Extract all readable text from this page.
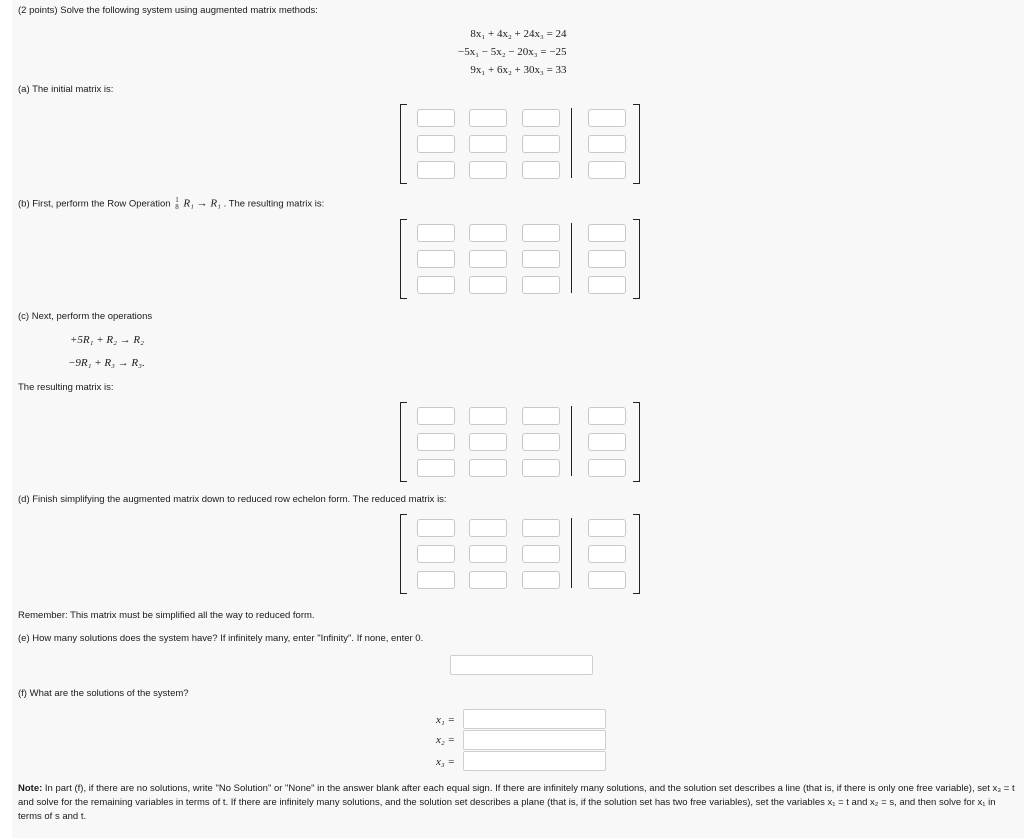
(2 points) Solve the following system using augmented matrix methods:
8x₁ + 4x₂ + 24x₃ = 24
−5x₁ − 5x₂ − 20x₃ = −25
9x₁ + 6x₂ + 30x₃ = 33
(a) The initial matrix is:
(b) First, perform the Row Operation 1
8 R₁ → R₁ . The resulting matrix is:
(c) Next, perform the operations
+5R₁ + R₂ → R₂
−9R₁ + R₃ → R₃.
The resulting matrix is:
(d) Finish simplifying the augmented matrix down to reduced row echelon form. The reduced matrix is:
Remember: This matrix must be simplified all the way to reduced form.
(e) How many solutions does the system have? If infinitely many, enter "Infinity". If none, enter 0.
(f) What are the solutions of the system?
x₁ =
x₂ =
x₃ =
Note: In part (f), if there are no solutions, write "No Solution" or "None" in the answer blank after each equal sign. If there are infinitely many solutions, and the solution set describes a line (that is, if there is only one free variable), set x₃ = t and solve for the remaining variables in terms of t. If there are infinitely many solutions, and the solution set describes a plane (that is, if the solution set has two free variables), set the variables x₁ = t and x₂ = s, and then solve for x₁ in terms of s and t.
